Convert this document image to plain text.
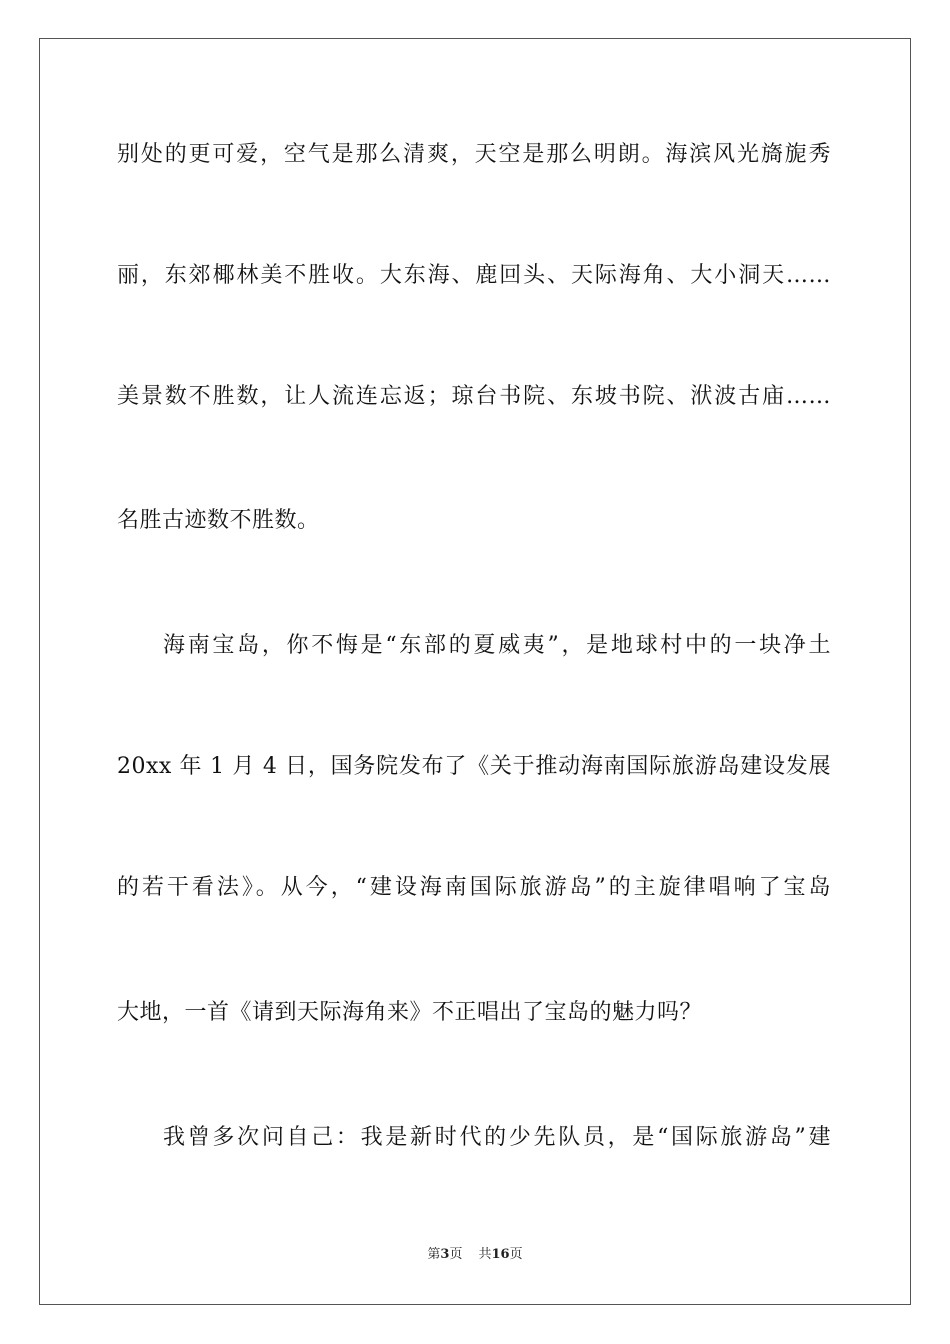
别处的更可爱，空气是那么清爽，天空是那么明朗。海滨风光旖旎秀
丽，东郊椰林美不胜收。大东海、鹿回头、天际海角、大小洞天……
美景数不胜数，让人流连忘返；琼台书院、东坡书院、洑波古庙……
名胜古迹数不胜数。
海南宝岛，你不悔是“东部的夏威夷”，是地球村中的一块净土
20xx 年 1 月 4 日，国务院发布了《关于推动海南国际旅游岛建设发展
的若干看法》。从今，“建设海南国际旅游岛”的主旋律唱响了宝岛
大地，一首《请到天际海角来》不正唱出了宝岛的魅力吗？
我曾多次问自己：我是新时代的少先队员，是“国际旅游岛”建
第3页 共16页
